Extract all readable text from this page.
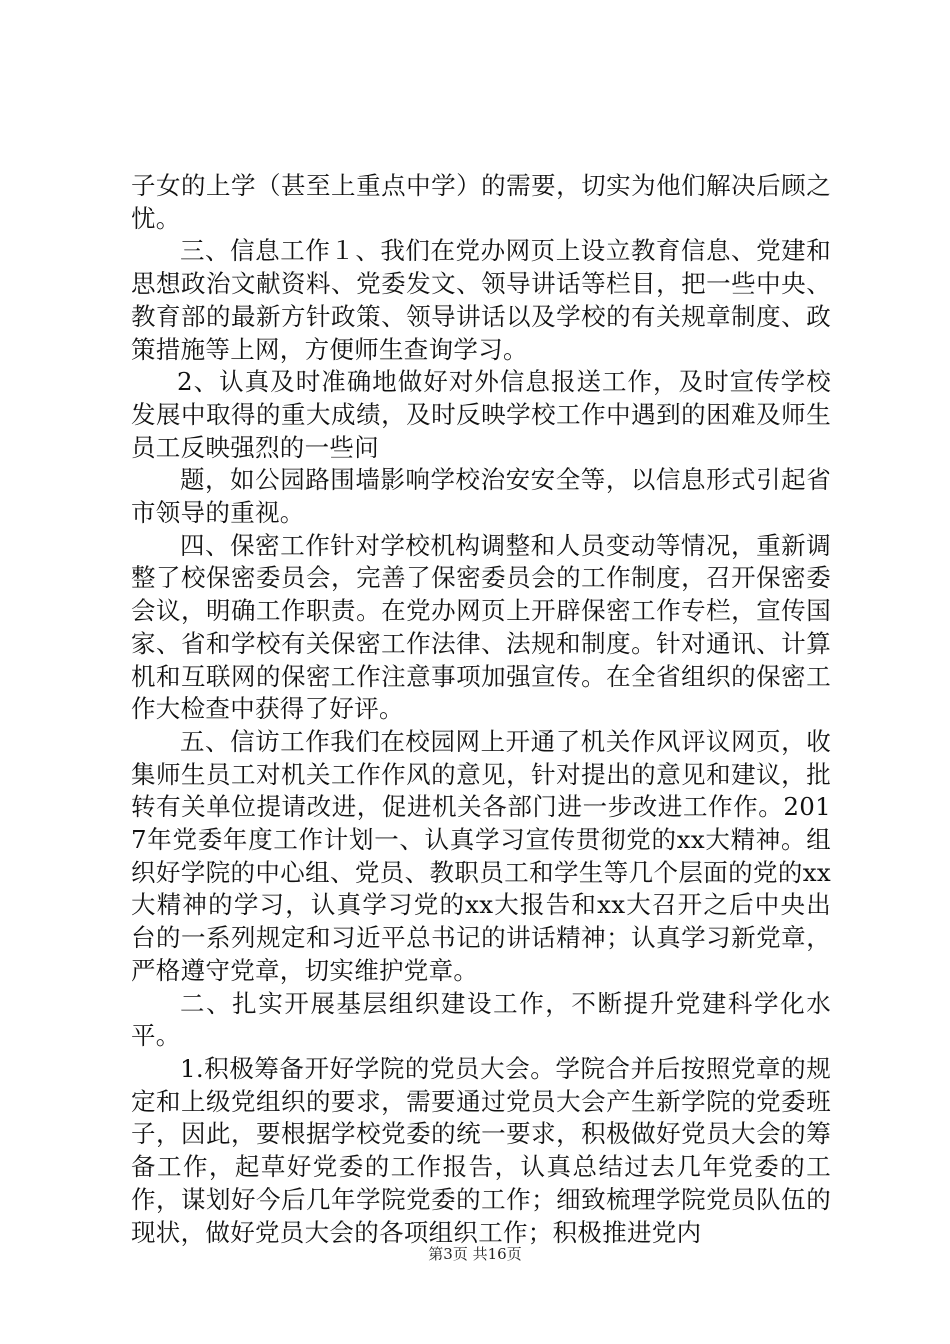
子女的上学（甚至上重点中学）的需要，切实为他们解决后顾之忧。

三、信息工作１、我们在党办网页上设立教育信息、党建和思想政治文献资料、党委发文、领导讲话等栏目，把一些中央、教育部的最新方针政策、领导讲话以及学校的有关规章制度、政策措施等上网，方便师生查询学习。

2、认真及时准确地做好对外信息报送工作，及时宣传学校发展中取得的重大成绩，及时反映学校工作中遇到的困难及师生员工反映强烈的一些问

题，如公园路围墙影响学校治安安全等，以信息形式引起省市领导的重视。

四、保密工作针对学校机构调整和人员变动等情况，重新调整了校保密委员会，完善了保密委员会的工作制度，召开保密委会议，明确工作职责。在党办网页上开辟保密工作专栏，宣传国家、省和学校有关保密工作法律、法规和制度。针对通讯、计算机和互联网的保密工作注意事项加强宣传。在全省组织的保密工作大检查中获得了好评。

五、信访工作我们在校园网上开通了机关作风评议网页，收集师生员工对机关工作作风的意见，针对提出的意见和建议，批转有关单位提请改进，促进机关各部门进一步改进工作作。2017年党委年度工作计划一、认真学习宣传贯彻党的xx大精神。组织好学院的中心组、党员、教职员工和学生等几个层面的党的xx大精神的学习，认真学习党的xx大报告和xx大召开之后中央出台的一系列规定和习近平总书记的讲话精神；认真学习新党章，严格遵守党章，切实维护党章。

二、扎实开展基层组织建设工作，不断提升党建科学化水平。

1.积极筹备开好学院的党员大会。学院合并后按照党章的规定和上级党组织的要求，需要通过党员大会产生新学院的党委班子，因此，要根据学校党委的统一要求，积极做好党员大会的筹备工作，起草好党委的工作报告，认真总结过去几年党委的工作，谋划好今后几年学院党委的工作；细致梳理学院党员队伍的现状，做好党员大会的各项组织工作；积极推进党内

第3页 共16页
